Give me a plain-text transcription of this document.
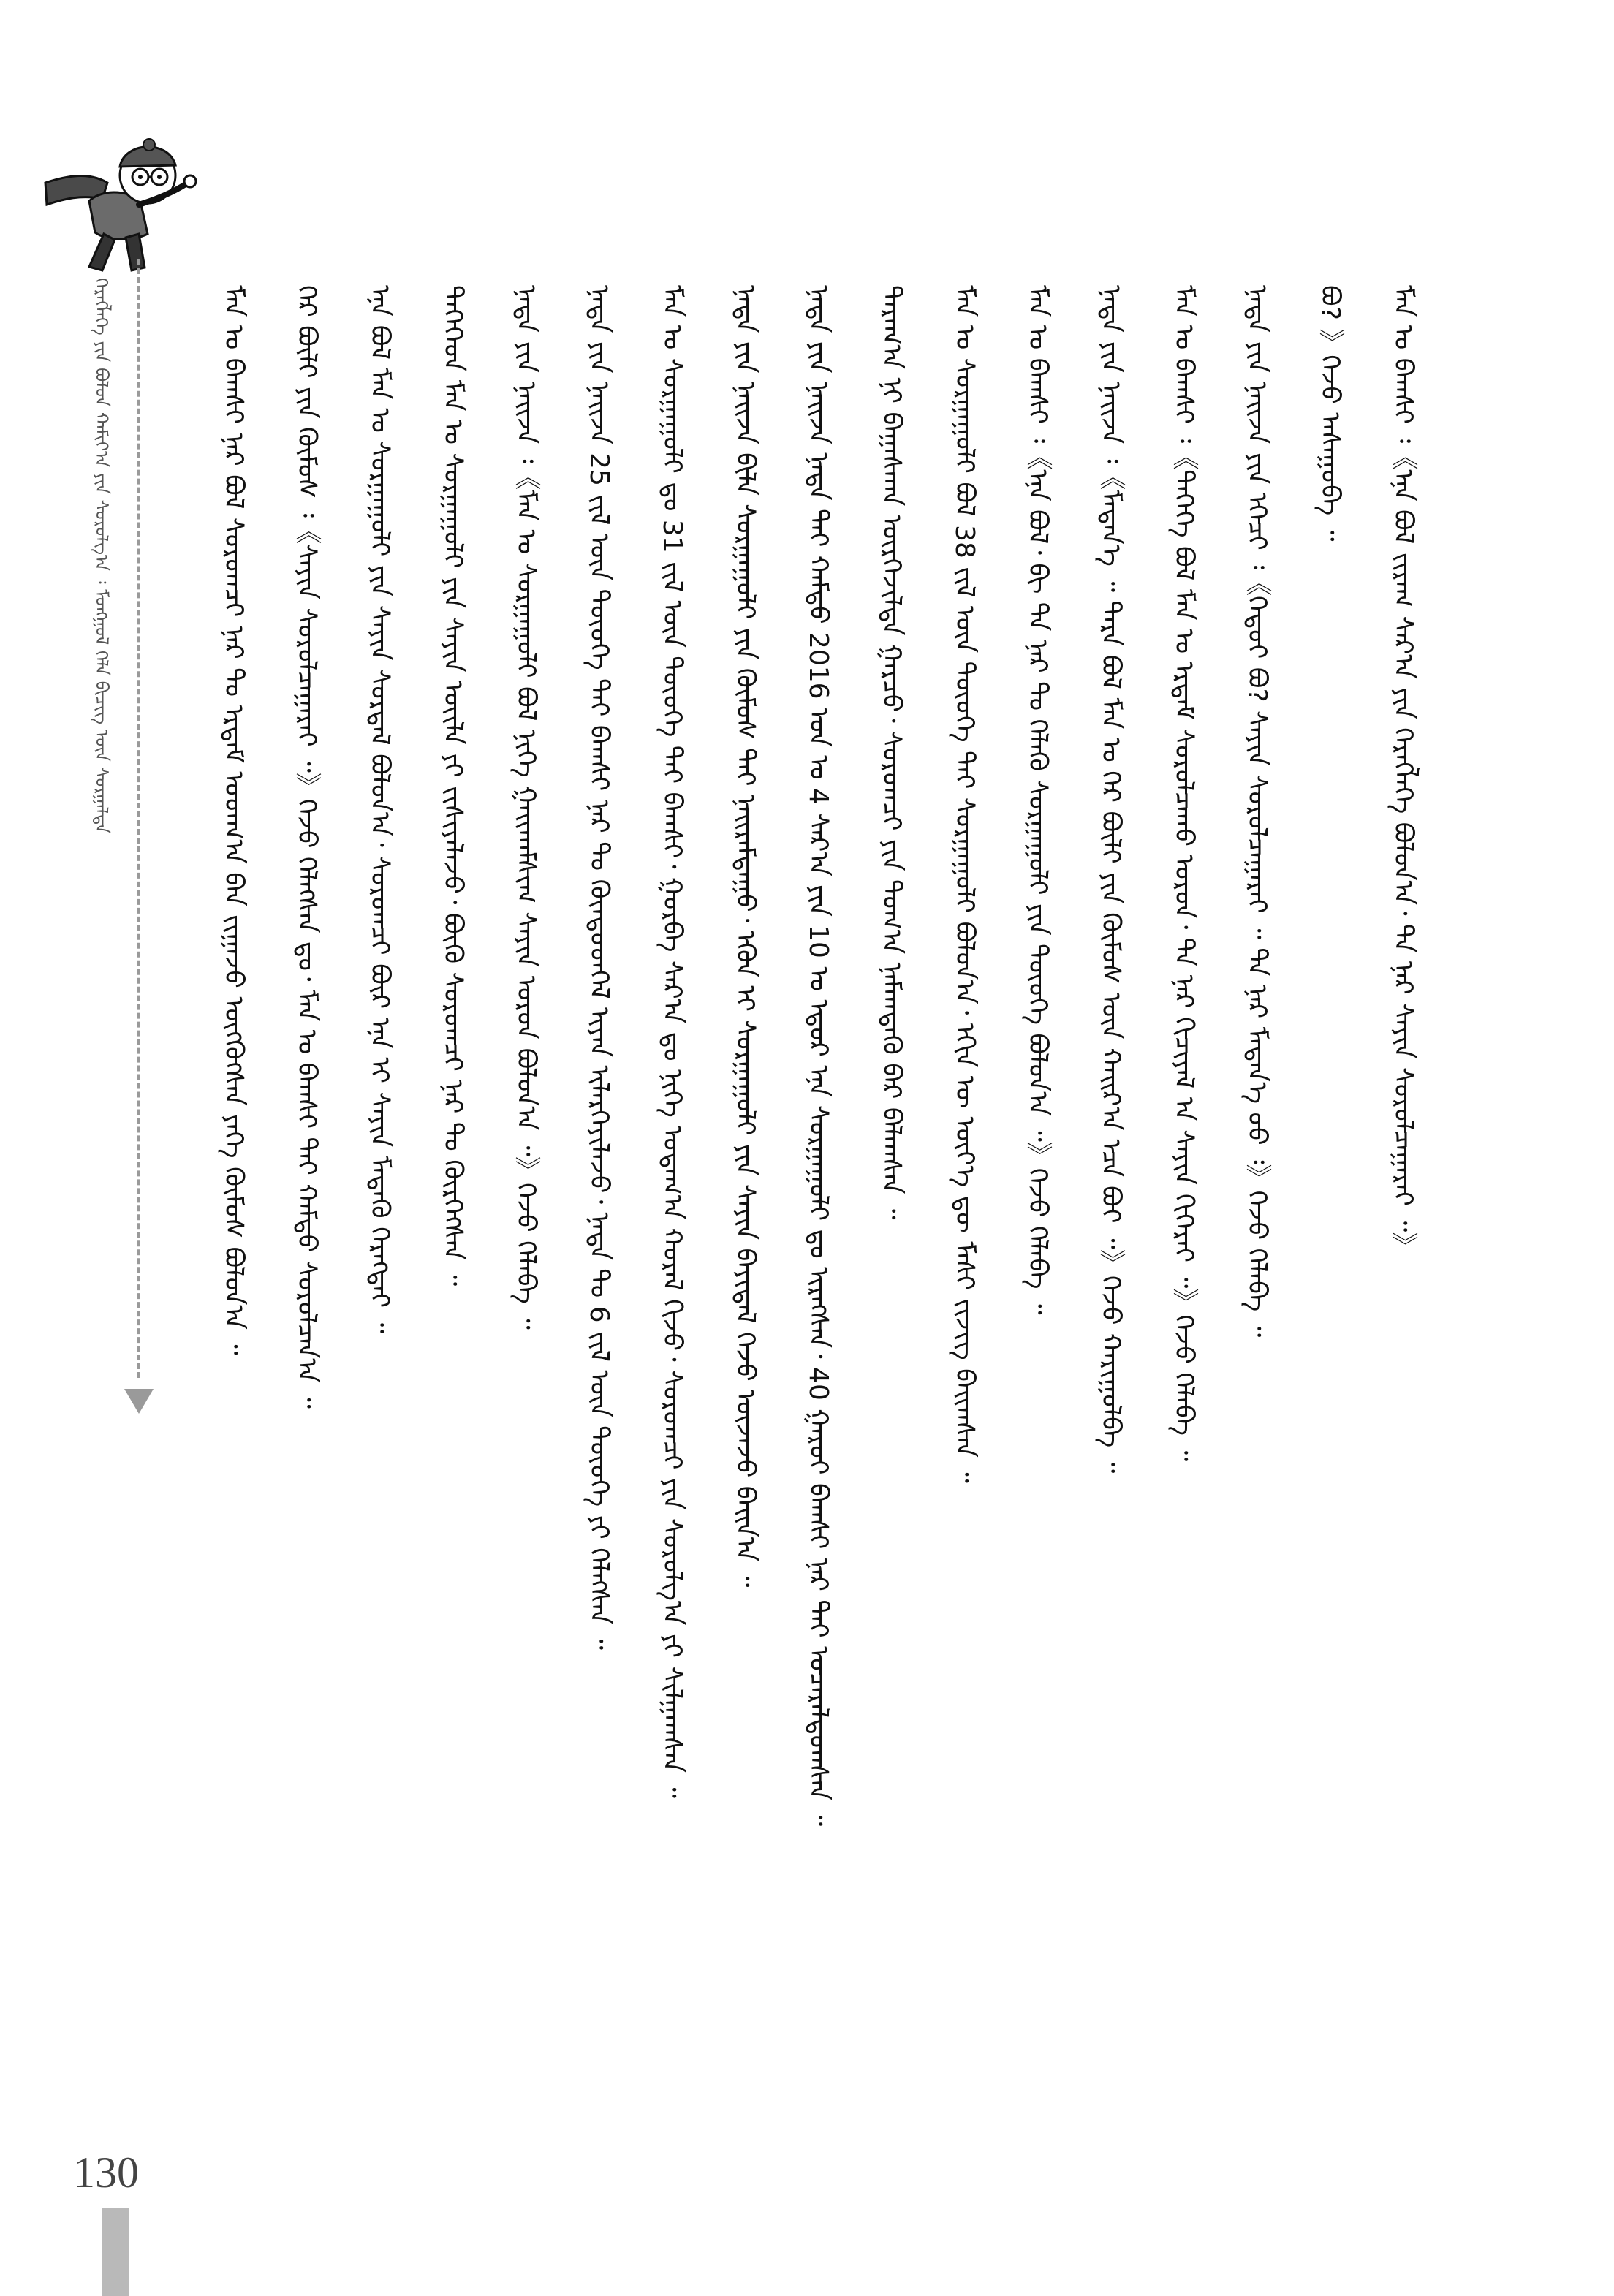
ᠬᠡᠷᠡᠭᠯᠡᠭᠡ ᠶᠢᠨ ᠪᠣᠯᠣᠨ ᠬᠠᠮᠢᠶ᠎ᠠ ᠶᠢᠨ ᠰᠤᠷᠤᠯᠭ᠎ᠠ ᠄ ᠮᠣᠩᠭᠣᠯ ᠬᠡᠯᠡ ᠪᠢᠴᠢᠭ ᠦᠨ ᠰᠤᠷᠭᠠᠯᠲᠠ
130
ᠮᠠᠨ ᠤ ᠪᠠᠭᠰᠢ ᠄《ᠡᠨᠡ ᠪᠣᠯ ᠵᠢᠷᠠᠭ ᠰᠠᠷ᠎ᠠ ᠶᠢᠨ ᠬᠡᠷᠡᠭᠯᠡᠭᠡ ᠪᠣᠯᠤᠨ᠎ᠠ᠂ ᠲᠠ ᠨᠠᠷ ᠰᠠᠶᠢᠨ ᠰᠤᠷᠤᠯᠴᠠᠭᠠᠷᠠᠢ ᠃》
ᠪᠣ? 》ᠭᠡᠵᠦ ᠠᠰᠠᠭᠤᠪᠠ ᠃
ᠨᠠᠳᠠ ᠶᠢᠨ ᠨᠠᠢᠵᠠ ᠶᠢᠨ ᠡᠭᠡᠴᠢ ᠄《ᠬᠡᠳᠦᠢ ᠪᠣ? ᠰᠠᠶᠢᠨ ᠰᠤᠷᠤᠯᠴᠠᠭᠠᠷᠠᠢ ᠃ ᠲᠠ ᠨᠠᠷ ᠮᠡᠳᠡᠨ᠎ᠡ ᠦᠦ ᠄》ᠭᠡᠵᠦ ᠬᠡᠯᠡᠪᠡ ᠃
ᠮᠠᠨ ᠤ ᠪᠠᠭᠰᠢ ᠄《ᠲᠡᠭᠡᠭᠡ ᠪᠣᠯ ᠮᠠᠨ ᠤ ᠡᠷᠳᠡᠮ ᠰᠤᠷᠤᠯᠴᠠᠬᠤ ᠣᠷᠤᠨ᠂ ᠲᠠ ᠨᠠᠷ ᠬᠢᠴᠢᠶᠡᠯ ᠡᠨ ᠰᠠᠶᠢᠨ ᠬᠢᠭᠡᠷᠡᠢ ᠃》ᠭᠡᠵᠦ ᠬᠡᠯᠡᠪᠡ ᠃
ᠨᠠᠳᠠ ᠶᠢᠨ ᠨᠠᠢᠵᠠ ᠄《ᠮᠡᠳᠡᠨ᠎ᠡ ᠃ ᠲᠡᠷᠡ ᠪᠣᠯ ᠮᠠᠨ ᠤ ᠭᠡᠷ ᠪᠦᠯᠢ ᠶᠢᠨ ᠬᠦᠮᠦᠰ ᠦᠨ ᠬᠠᠢᠷ᠎ᠠ ᠡᠴᠡ ᠪᠣᠶ ᠃》ᠭᠡᠵᠦ ᠬᠠᠷᠢᠭᠤᠯᠪᠠ ᠃
ᠮᠠᠨ ᠤ ᠪᠠᠭᠰᠢ ᠄《ᠡᠨᠡ ᠪᠣᠯ᠂ ᠪᠢ ᠲᠠ ᠨᠠᠷ ᠲᠤ ᠬᠡᠯᠡᠬᠦ ᠰᠤᠷᠭᠠᠭᠤᠯᠢ ᠶᠢᠨ ᠲᠦᠦᠬᠡ ᠪᠣᠯᠤᠨ᠎ᠠ ᠃》ᠭᠡᠵᠦ ᠬᠡᠯᠡᠪᠡ ᠃
ᠮᠠᠨ ᠤ ᠰᠤᠷᠭᠠᠭᠤᠯᠢ ᠪᠣᠯ 38 ᠵᠢᠯ ᠦᠨ ᠲᠦᠦᠬᠡ ᠲᠠᠢ ᠰᠤᠷᠭᠠᠭᠤᠯᠢ ᠪᠣᠯᠤᠨ᠎ᠠ᠂ ᠡᠬᠢᠨ ᠦ ᠦᠶ᠎ᠡ ᠳᠦ ᠮᠠᠰᠢ ᠵᠢᠵᠢᠭ ᠪᠠᠢᠭᠰᠠᠨ ᠃
ᠳᠠᠷᠠᠭ᠎ᠠ ᠨᠢ ᠪᠠᠭᠠᠰᠬᠠᠨ ᠥᠷᠭᠡᠵᠢᠯᠲᠡ ᠭᠠᠷᠴᠤ᠂ ᠰᠤᠷᠤᠭᠴᠢ ᠶᠢᠨ ᠲᠣᠭ᠎ᠠ ᠨᠡᠮᠡᠭ᠍ᠳᠡᠬᠦ ᠪᠡᠷ ᠪᠠᠯᠠᠭᠰᠠᠨ ᠃
ᠨᠠᠳᠠ ᠶᠢᠨ ᠨᠠᠢᠵᠠ ᠨᠠᠳᠠ ᠲᠠᠢ ᠬᠠᠮᠲᠤ 2016 ᠣᠨ ᠤ 4 ᠰᠠᠷ᠎ᠠ ᠶᠢᠨ 10 ᠤ ᠡᠳᠦᠷ ᠡᠨᠡ ᠰᠤᠷᠭᠠᠭᠤᠯᠢ ᠳᠤ ᠢᠷᠡᠭᠰᠡᠨ᠂ 40 ᠭᠠᠷᠤᠢ ᠪᠠᠭᠰᠢ ᠨᠠᠷ ᠲᠠᠢ ᠤᠴᠠᠷᠠᠯᠳᠤᠭᠰᠠᠨ ᠃
ᠨᠠᠳᠠ ᠶᠢᠨ ᠨᠠᠢᠵᠠ ᠪᠢᠯᠡ ᠰᠤᠷᠭᠠᠭᠤᠯᠢ ᠶᠢᠨ ᠬᠦᠮᠦᠰ ᠲᠡᠢ ᠨᠠᠢᠷᠠᠮᠳᠠᠭᠤ᠂ ᠡᠭᠦᠨ ᠢ ᠰᠤᠷᠭᠠᠭᠤᠯᠢ ᠶᠢᠨ ᠰᠠᠶᠢᠨ ᠪᠠᠶᠢᠳᠠᠯ ᠭᠡᠵᠦ ᠦᠵᠡᠵᠦ ᠪᠠᠢᠨ᠎ᠠ ᠃
ᠮᠠᠨ ᠤ ᠰᠤᠷᠭᠠᠭᠤᠯᠢ ᠳᠤ 31 ᠵᠢᠯ ᠦᠨ ᠲᠦᠦᠬᠡ ᠲᠠᠢ ᠪᠠᠭᠰᠢ᠂ ᠭᠤᠷᠪᠠ ᠰᠠᠷ᠎ᠠ ᠳᠤ ᠨᠢᠭᠡ ᠤᠳᠠᠭ᠎ᠠ ᠬᠤᠷᠠᠯ ᠬᠢᠵᠦ᠂ ᠰᠤᠷᠤᠭᠴᠢ ᠶᠢᠨ ᠰᠤᠷᠤᠯᠭ᠎ᠠ ᠶᠢ ᠰᠢᠯᠭᠠᠭᠰᠠᠨ ᠃
ᠨᠠᠳᠠ ᠶᠢᠨ ᠨᠠᠢᠵᠠ 25 ᠵᠢᠯ ᠦᠨ ᠲᠦᠦᠬᠡ ᠲᠠᠢ ᠪᠠᠭᠰᠢ ᠨᠠᠷ ᠲᠤ ᠬᠦᠨᠳᠦᠳᠬᠡᠯ ᠢᠶᠠᠨ ᠢᠯᠡᠷᠬᠡᠶᠢᠯᠡᠵᠦ᠂ ᠨᠠᠳᠠ ᠲᠤ 6 ᠵᠢᠯ ᠦᠨ ᠲᠦᠦᠬᠡ ᠶᠢ ᠬᠡᠯᠡᠭᠰᠡᠨ ᠃
ᠨᠠᠳᠠ ᠶᠢᠨ ᠨᠠᠢᠵᠠ ᠄《ᠮᠠᠨ ᠤ ᠰᠤᠷᠭᠠᠭᠤᠯᠢ ᠪᠣᠯ ᠨᠢᠭᠡ ᠭᠠᠢᠬᠠᠮᠰᠢᠭ ᠰᠠᠶᠢᠨ ᠣᠷᠤᠨ ᠪᠣᠯᠤᠨ᠎ᠠ ᠃》ᠭᠡᠵᠦ ᠬᠡᠯᠡᠪᠡ ᠃
ᠲᠡᠭᠡᠭᠡᠳ ᠮᠠᠨ ᠤ ᠰᠤᠷᠭᠠᠭᠤᠯᠢ ᠶᠢᠨ ᠰᠠᠶᠢᠨ ᠦᠢᠯᠡ ᠶᠢ ᠵᠢᠰᠢᠶᠡᠯᠡᠵᠦ᠂ ᠪᠦᠬᠦ ᠰᠤᠷᠤᠭᠴᠢ ᠨᠠᠷ ᠲᠤ ᠬᠦᠷᠭᠡᠭᠰᠡᠨ ᠃
ᠡᠨᠡ ᠪᠣᠯ ᠮᠠᠨ ᠤ ᠰᠤᠷᠭᠠᠭᠤᠯᠢ ᠶᠢᠨ ᠰᠠᠶᠢᠨ ᠰᠤᠷᠲᠠᠯ ᠪᠣᠯᠤᠨ᠎ᠠ᠂ ᠰᠤᠷᠤᠭᠴᠢ ᠪᠦᠷ ᠡᠨᠡ ᠢ ᠰᠠᠶᠢᠨ ᠮᠡᠳᠡᠬᠦ ᠬᠡᠷᠡᠭᠲᠡᠢ ᠃
ᠭᠡᠷ ᠪᠦᠯᠢ ᠶᠢᠨ ᠬᠦᠮᠦᠰ ᠄《ᠰᠠᠶᠢᠨ ᠰᠤᠷᠤᠯᠴᠠᠭᠠᠷᠠᠢ ᠃》ᠭᠡᠵᠦ ᠬᠡᠯᠡᠭᠰᠡᠨ ᠳᠤ᠂ ᠮᠠᠨ ᠤ ᠪᠠᠭᠰᠢ ᠲᠠᠢ ᠬᠠᠮᠲᠤ ᠰᠤᠷᠤᠯᠴᠠᠨ᠎ᠠ ᠃
ᠮᠠᠨ ᠤ ᠪᠠᠭᠰᠢ ᠨᠠᠷ ᠪᠣᠯ ᠰᠤᠷᠤᠭᠴᠢ ᠨᠠᠷ ᠲᠤ ᠡᠷᠳᠡᠮ ᠤᠳᠬ᠎ᠠ ᠪᠠᠨ ᠵᠢᠭᠠᠵᠤ ᠥᠭᠭᠦᠭᠰᠡᠨ ᠶᠡᠬᠡ ᠬᠦᠮᠦᠰ ᠪᠣᠯᠤᠨ᠎ᠠ ᠃
